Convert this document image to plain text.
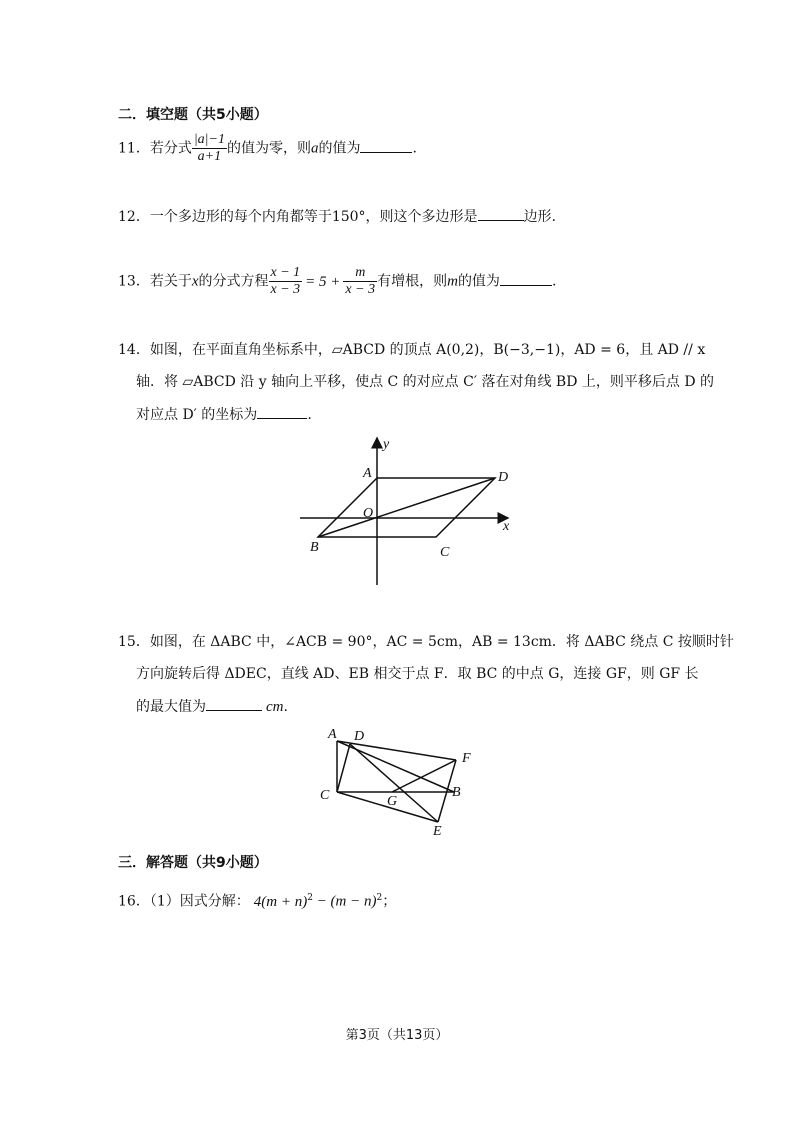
二．填空题（共5小题）
11．若分式 $\frac{|a|-1}{a+1}$ 的值为零，则a的值为	.
12．一个多边形的每个内角都等于150°，则这个多边形是	边形.
13．若关于x的分式方程 $\frac{x - 1}{x - 3} = 5 + \frac{m}{x - 3}$ 有增根，则m的值为	.
14．如图，在平面直角坐标系中，▱ABCD 的顶点 A(0,2)，B(−3,−1)，AD = 6，且 AD // x
轴．将 ▱ABCD 沿 y 轴向上平移，使点 C 的对应点 C′ 落在对角线 BD 上，则平移后点 D 的
对应点 D′ 的坐标为	.
y
x
A	D
O
B	C
15．如图，在 ΔABC 中，∠ACB = 90°，AC = 5cm，AB = 13cm．将 ΔABC 绕点 C 按顺时针
方向旋转后得 ΔDEC，直线 AD、EB 相交于点 F．取 BC 的中点 G，连接 GF，则 GF 长
的最大值为	cm.
A D
F
C	G
B
E
三．解答题（共9小题）
16．（1）因式分解： $4(m + n)^2 - (m - n)^2$；
第3页（共13页）
